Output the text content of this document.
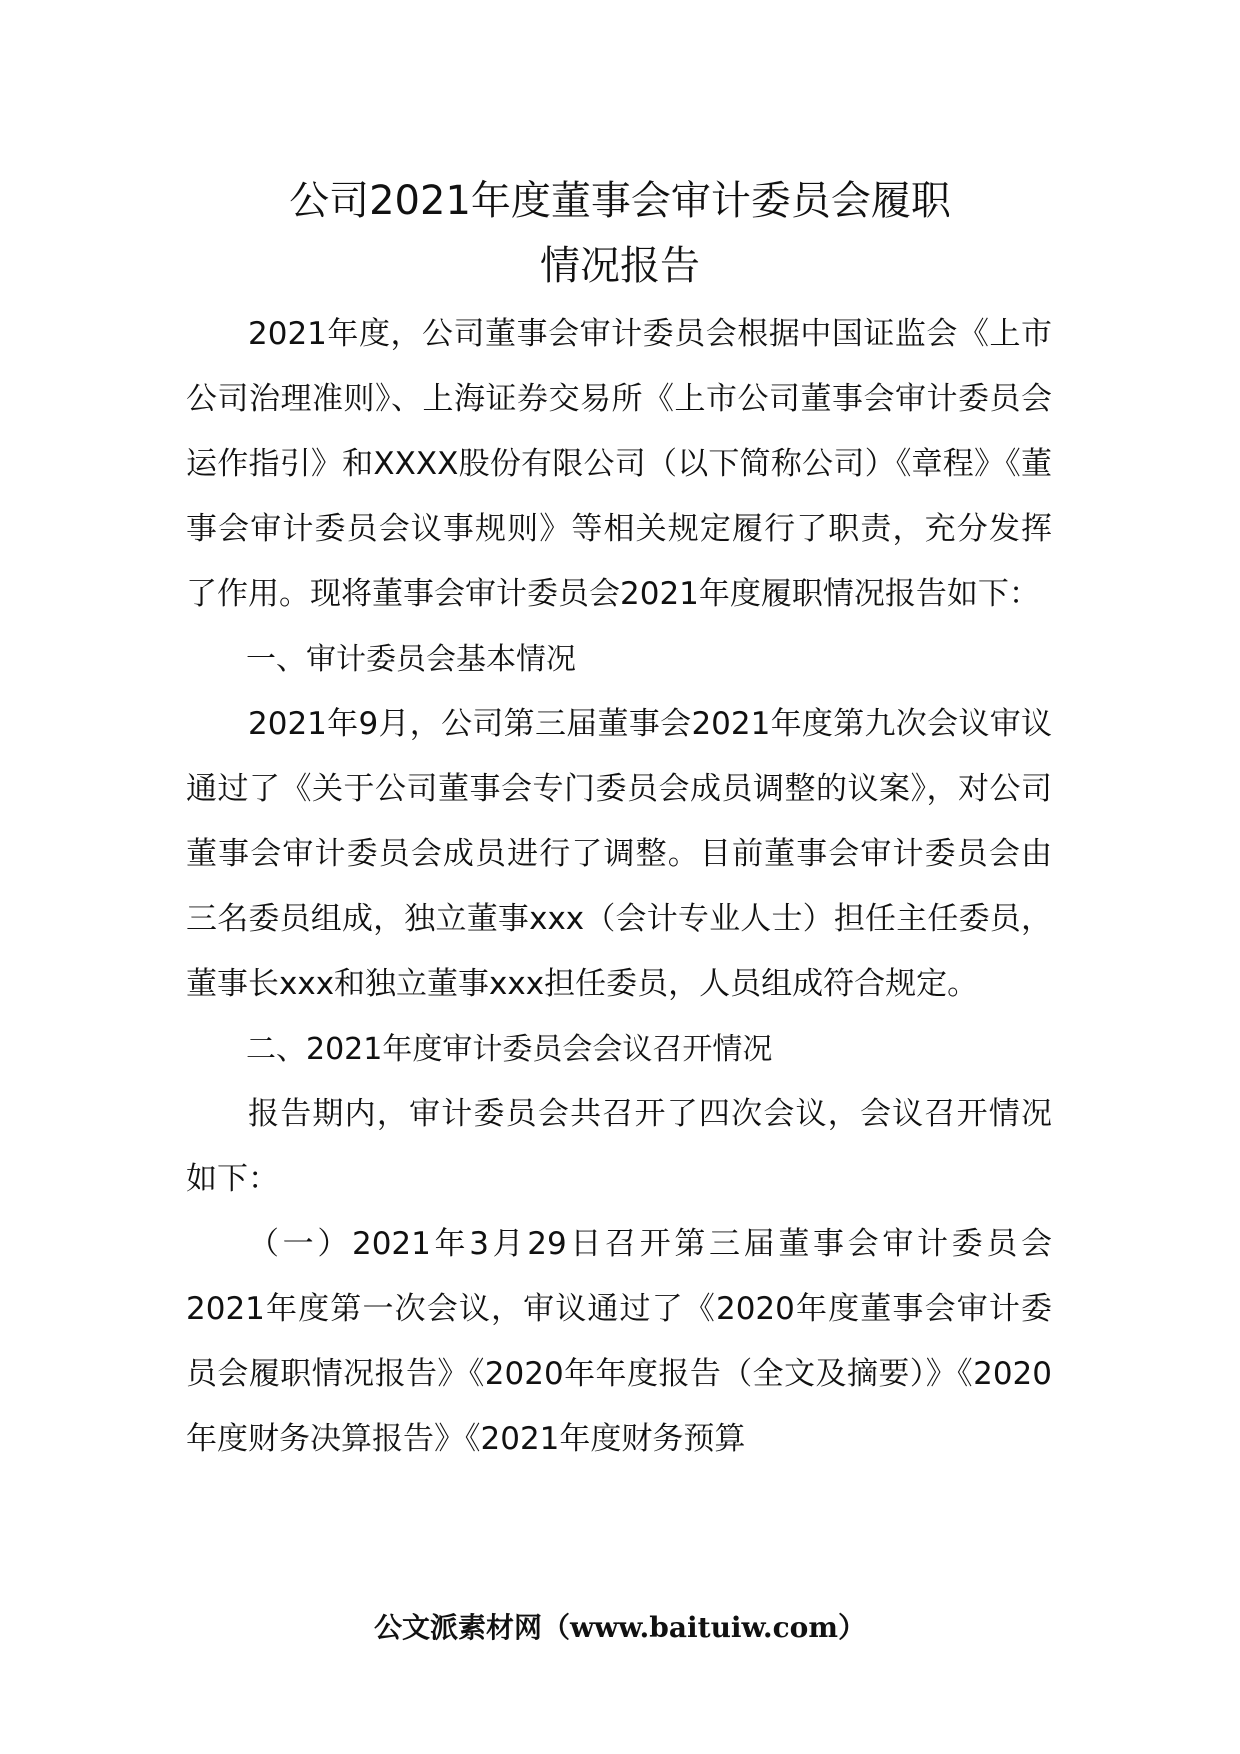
公司2021年度董事会审计委员会履职
情况报告

2021年度，公司董事会审计委员会根据中国证监会《上市公司治理准则》、上海证券交易所《上市公司董事会审计委员会运作指引》和XXXX股份有限公司（以下简称公司）《章程》《董事会审计委员会议事规则》等相关规定履行了职责，充分发挥了作用。现将董事会审计委员会2021年度履职情况报告如下：

一、审计委员会基本情况

2021年9月，公司第三届董事会2021年度第九次会议审议通过了《关于公司董事会专门委员会成员调整的议案》，对公司董事会审计委员会成员进行了调整。目前董事会审计委员会由三名委员组成，独立董事xxx（会计专业人士）担任主任委员，董事长xxx和独立董事xxx担任委员，人员组成符合规定。

二、2021年度审计委员会会议召开情况

报告期内，审计委员会共召开了四次会议，会议召开情况如下：

（一）2021年3月29日召开第三届董事会审计委员会2021年度第一次会议，审议通过了《2020年度董事会审计委员会履职情况报告》《2020年年度报告（全文及摘要）》《2020年度财务决算报告》《2021年度财务预算

公文派素材网（www.baituiw.com）
